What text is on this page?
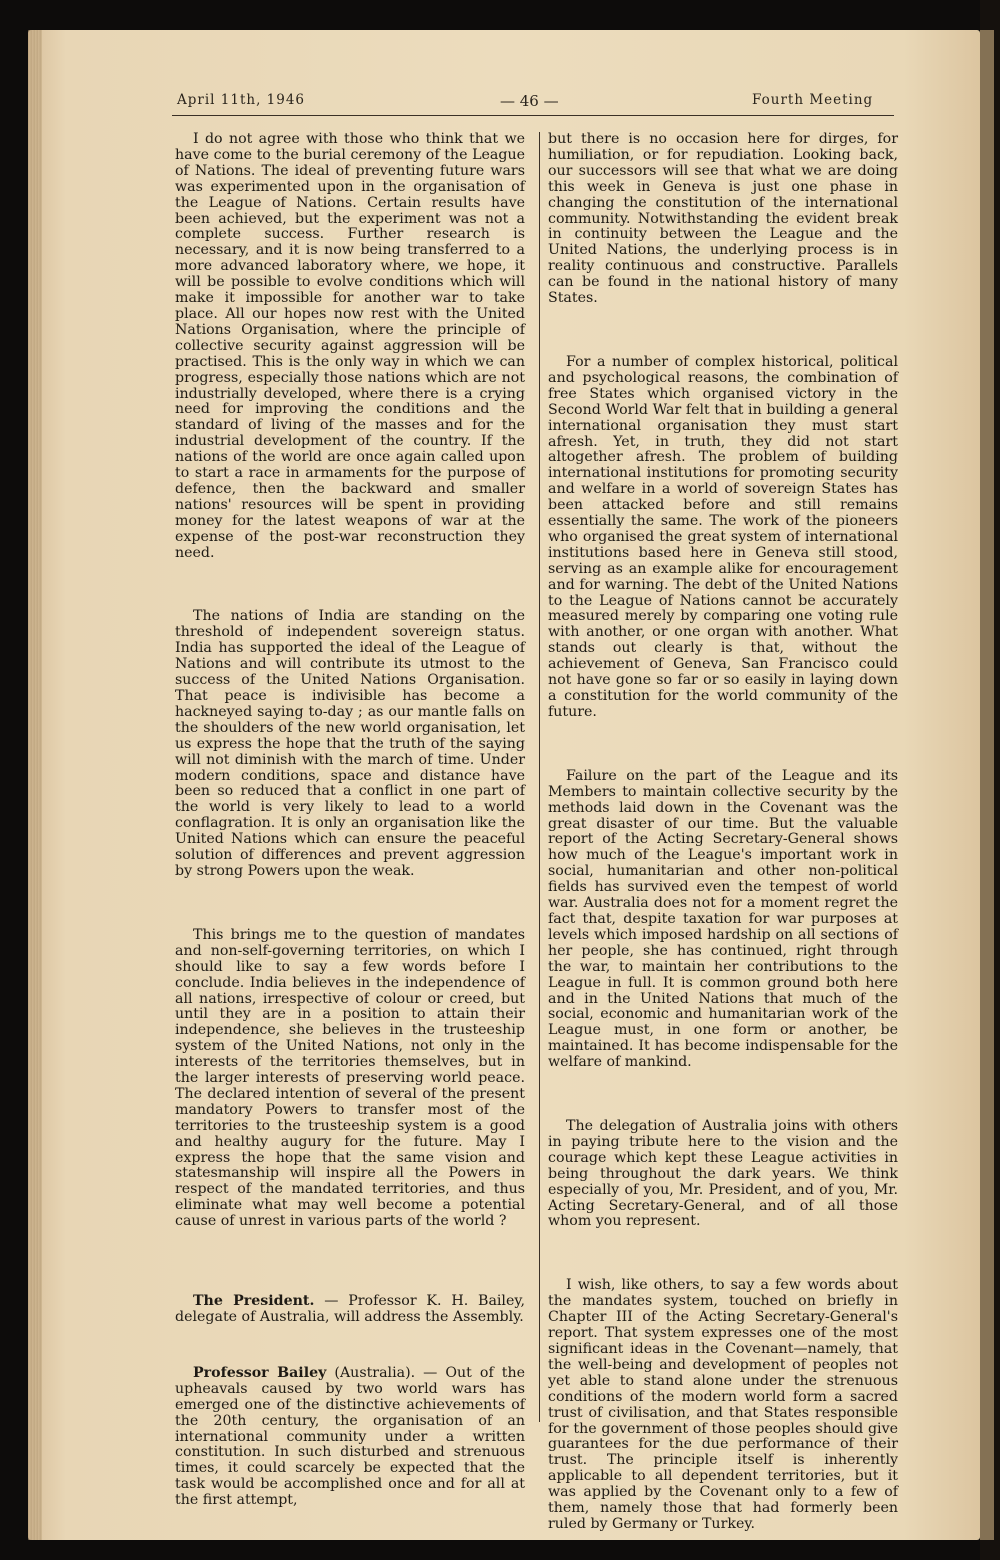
April 11th, 1946	— 46 —	Fourth Meeting

I do not agree with those who think that we have come to the burial ceremony of the League of Nations. The ideal of preventing future wars was experimented upon in the organisation of the League of Nations. Certain results have been achieved, but the experiment was not a complete success. Further research is necessary, and it is now being transferred to a more advanced laboratory where, we hope, it will be possible to evolve conditions which will make it impossible for another war to take place. All our hopes now rest with the United Nations Organisation, where the principle of collective security against aggression will be practised. This is the only way in which we can progress, especially those nations which are not industrially developed, where there is a crying need for improving the conditions and the standard of living of the masses and for the industrial development of the country. If the nations of the world are once again called upon to start a race in armaments for the purpose of defence, then the backward and smaller nations' resources will be spent in providing money for the latest weapons of war at the expense of the post-war reconstruction they need.

The nations of India are standing on the threshold of independent sovereign status. India has supported the ideal of the League of Nations and will contribute its utmost to the success of the United Nations Organisation. That peace is indivisible has become a hackneyed saying to-day ; as our mantle falls on the shoulders of the new world organisation, let us express the hope that the truth of the saying will not diminish with the march of time. Under modern conditions, space and distance have been so reduced that a conflict in one part of the world is very likely to lead to a world conflagration. It is only an organisation like the United Nations which can ensure the peaceful solution of differences and prevent aggression by strong Powers upon the weak.

This brings me to the question of mandates and non-self-governing territories, on which I should like to say a few words before I conclude. India believes in the independence of all nations, irrespective of colour or creed, but until they are in a position to attain their independence, she believes in the trusteeship system of the United Nations, not only in the interests of the territories themselves, but in the larger interests of preserving world peace. The declared intention of several of the present mandatory Powers to transfer most of the territories to the trusteeship system is a good and healthy augury for the future. May I express the hope that the same vision and statesmanship will inspire all the Powers in respect of the mandated territories, and thus eliminate what may well become a potential cause of unrest in various parts of the world ?

The President. — Professor K. H. Bailey, delegate of Australia, will address the Assembly.

Professor Bailey (Australia). — Out of the upheavals caused by two world wars has emerged one of the distinctive achievements of the 20th century, the organisation of an international community under a written constitution. In such disturbed and strenuous times, it could scarcely be expected that the task would be accomplished once and for all at the first attempt,

but there is no occasion here for dirges, for humiliation, or for repudiation. Looking back, our successors will see that what we are doing this week in Geneva is just one phase in changing the constitution of the international community. Notwithstanding the evident break in continuity between the League and the United Nations, the underlying process is in reality continuous and constructive. Parallels can be found in the national history of many States.

For a number of complex historical, political and psychological reasons, the combination of free States which organised victory in the Second World War felt that in building a general international organisation they must start afresh. Yet, in truth, they did not start altogether afresh. The problem of building international institutions for promoting security and welfare in a world of sovereign States has been attacked before and still remains essentially the same. The work of the pioneers who organised the great system of international institutions based here in Geneva still stood, serving as an example alike for encouragement and for warning. The debt of the United Nations to the League of Nations cannot be accurately measured merely by comparing one voting rule with another, or one organ with another. What stands out clearly is that, without the achievement of Geneva, San Francisco could not have gone so far or so easily in laying down a constitution for the world community of the future.

Failure on the part of the League and its Members to maintain collective security by the methods laid down in the Covenant was the great disaster of our time. But the valuable report of the Acting Secretary-General shows how much of the League's important work in social, humanitarian and other non-political fields has survived even the tempest of world war. Australia does not for a moment regret the fact that, despite taxation for war purposes at levels which imposed hardship on all sections of her people, she has continued, right through the war, to maintain her contributions to the League in full. It is common ground both here and in the United Nations that much of the social, economic and humanitarian work of the League must, in one form or another, be maintained. It has become indispensable for the welfare of mankind.

The delegation of Australia joins with others in paying tribute here to the vision and the courage which kept these League activities in being throughout the dark years. We think especially of you, Mr. President, and of you, Mr. Acting Secretary-General, and of all those whom you represent.

I wish, like others, to say a few words about the mandates system, touched on briefly in Chapter III of the Acting Secretary-General's report. That system expresses one of the most significant ideas in the Covenant—namely, that the well-being and development of peoples not yet able to stand alone under the strenuous conditions of the modern world form a sacred trust of civilisation, and that States responsible for the government of those peoples should give guarantees for the due performance of their trust. The principle itself is inherently applicable to all dependent territories, but it was applied by the Covenant only to a few of them, namely those that had formerly been ruled by Germany or Turkey.
